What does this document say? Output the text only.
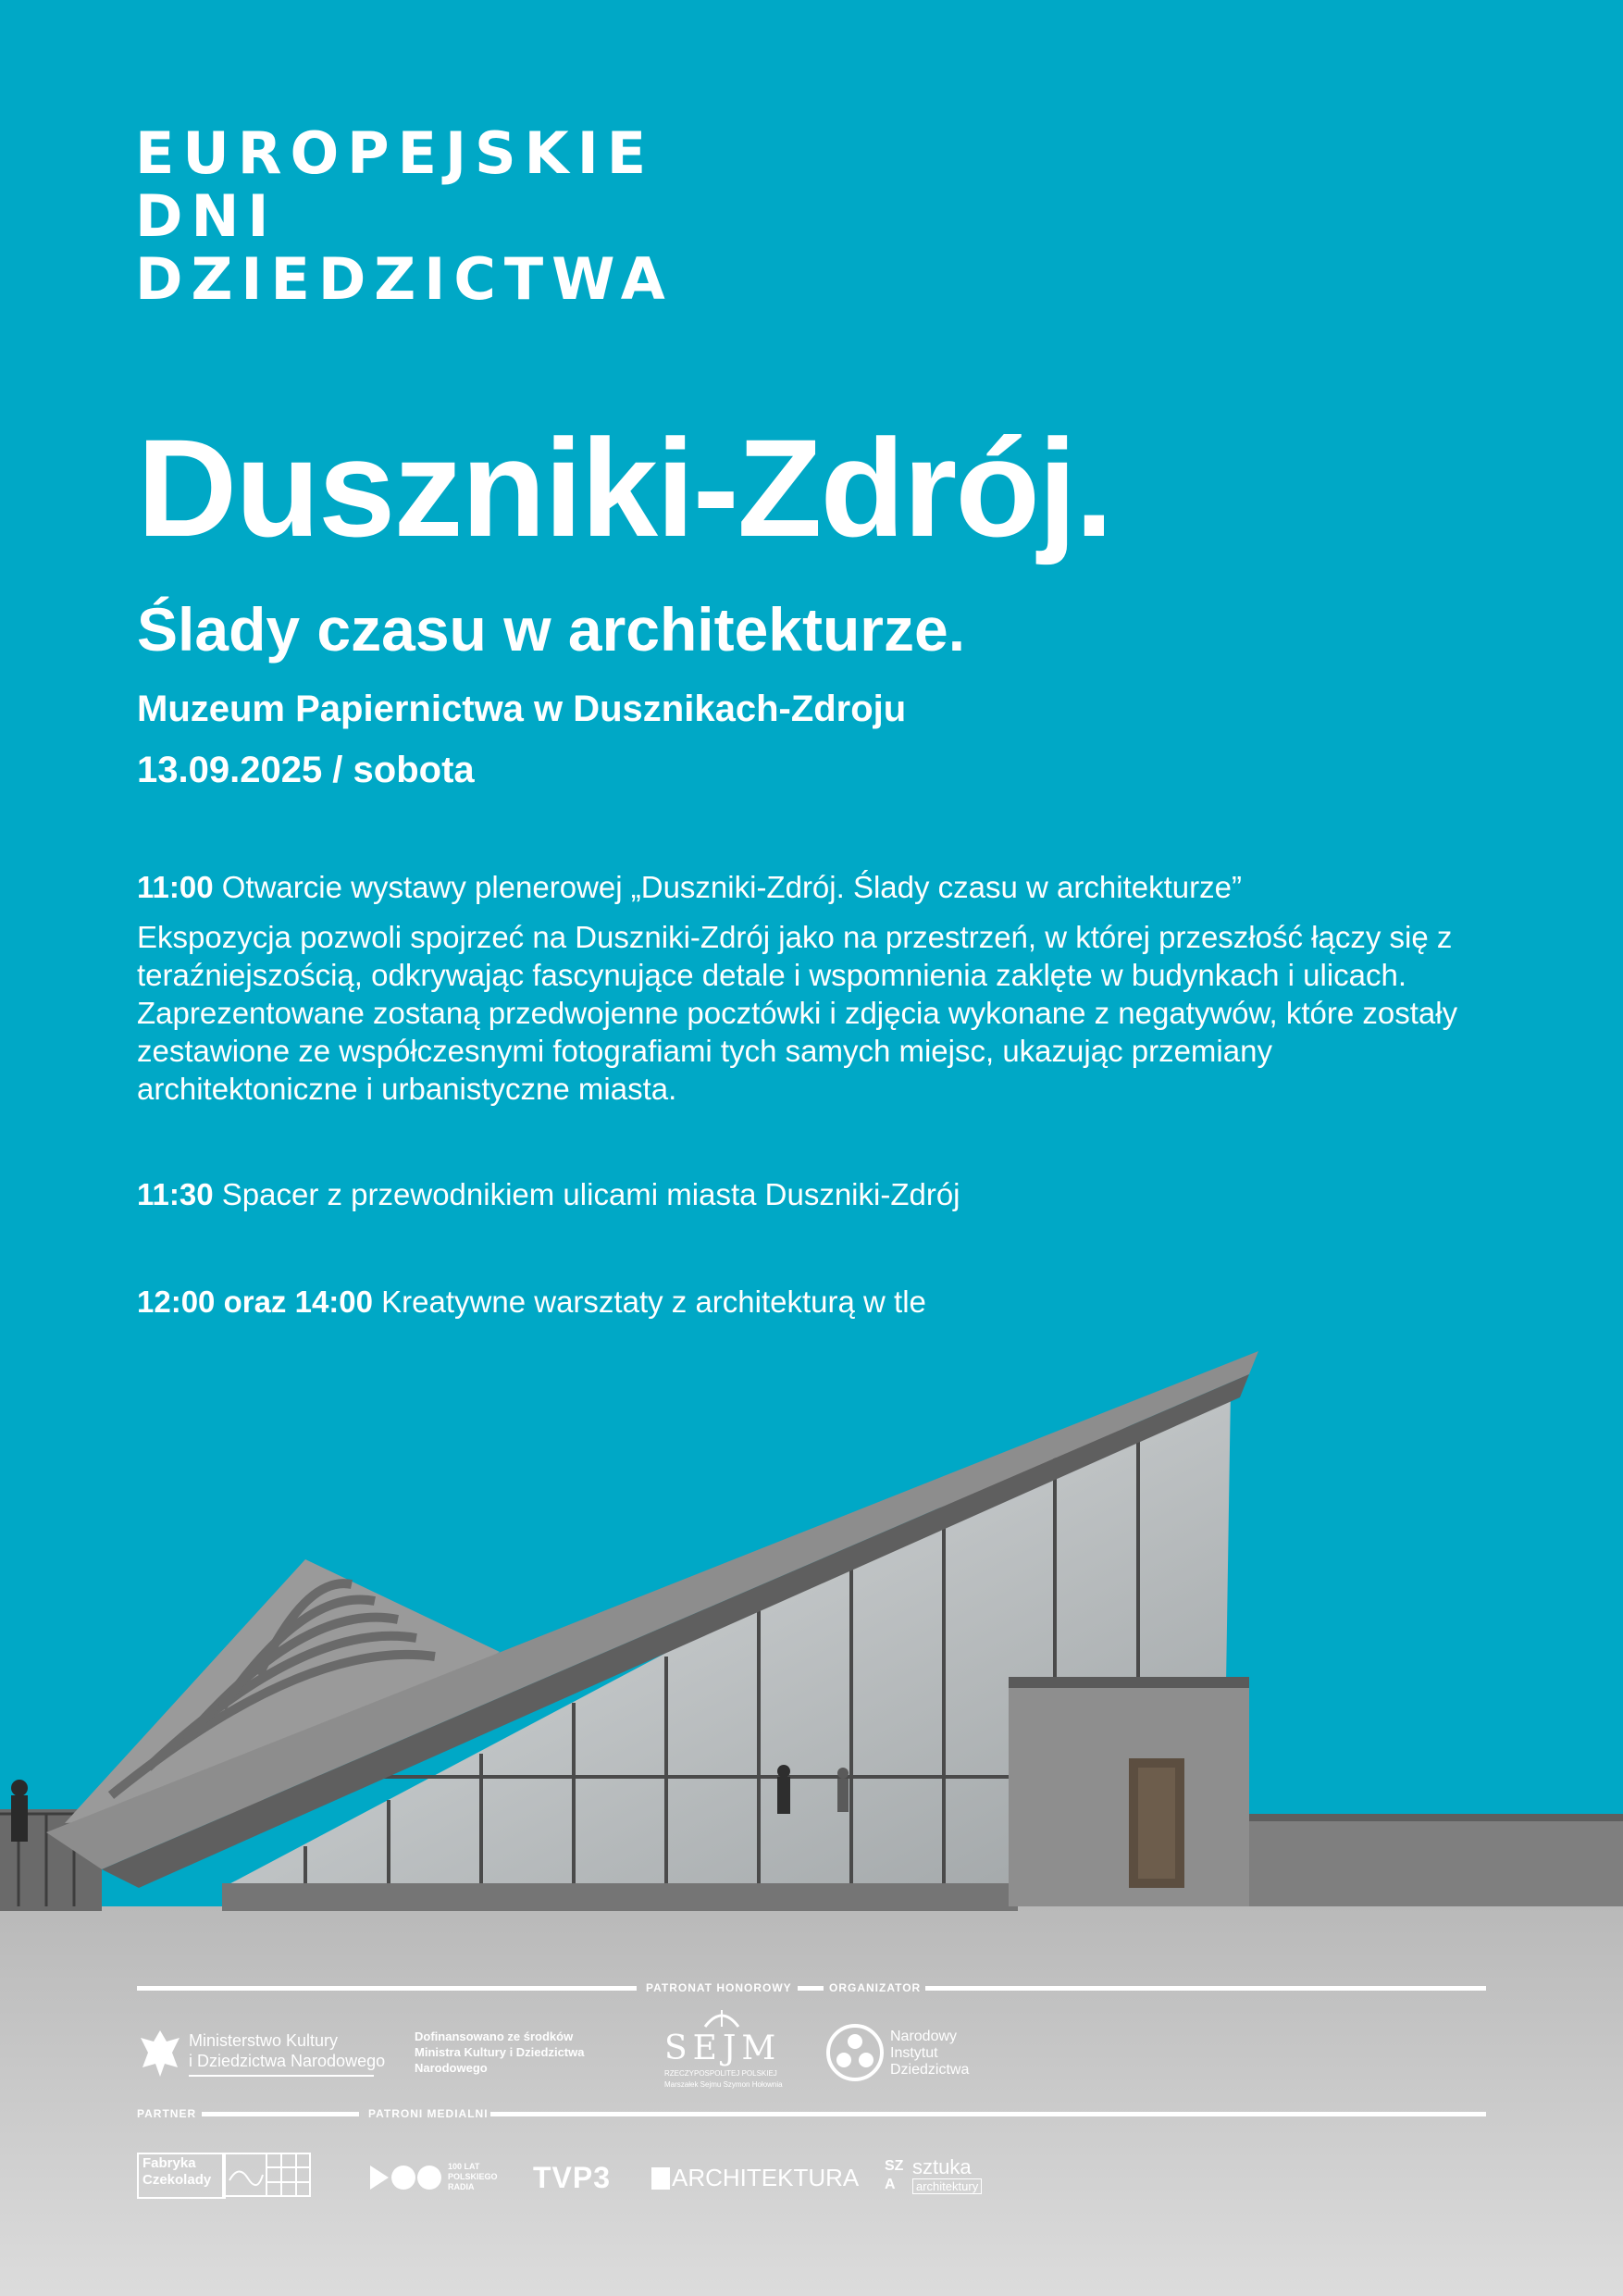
EUROPEJSKIE
DNI
DZIEDZICTWA
Duszniki-Zdrój.
Ślady czasu w architekturze.
Muzeum Papiernictwa w Dusznikach-Zdroju
13.09.2025 / sobota
11:00 Otwarcie wystawy plenerowej „Duszniki-Zdrój. Ślady czasu w architekturze”
Ekspozycja pozwoli spojrzeć na Duszniki-Zdrój jako na przestrzeń, w której przeszłość łączy się z teraźniejszością, odkrywając fascynujące detale i wspomnienia zaklęte w budynkach i ulicach. Zaprezentowane zostaną przedwojenne pocztówki i zdjęcia wykonane z negatywów, które zostały zestawione ze współczesnymi fotografiami tych samych miejsc, ukazując przemiany architektoniczne i urbanistyczne miasta.
11:30 Spacer z przewodnikiem ulicami miasta Duszniki-Zdrój
12:00 oraz 14:00 Kreatywne warsztaty z architekturą w tle
PATRONAT HONOROWY	ORGANIZATOR
Ministerstwo Kultury
i Dziedzictwa Narodowego
Dofinansowano ze środków
Ministra Kultury i Dziedzictwa
Narodowego
SEJM
RZECZYPOSPOLITEJ POLSKIEJ
Marszałek Sejmu Szymon Hołownia
Narodowy
Instytut
Dziedzictwa
PARTNER	PATRONI MEDIALNI
Fabryka
Czekolady
100 LAT
POLSKIEGO
RADIA TVP3	ARCHITEKTURA SZ
A
sztuka
architektury
